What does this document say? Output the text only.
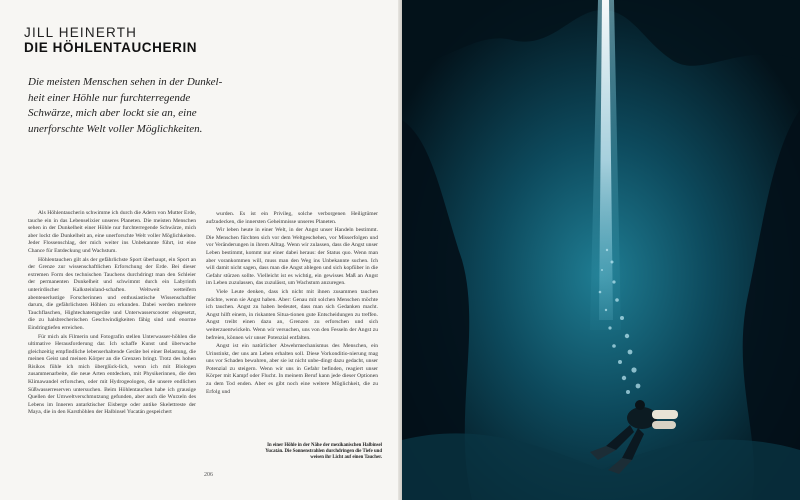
JILL HEINERTH
DIE HÖHLENTAUCHERIN
Die meisten Menschen sehen in der Dunkel-
heit einer Höhle nur furchterregende
Schwärze, mich aber lockt sie an, eine
unerforschte Welt voller Möglichkeiten.

Als Höhlentaucherin schwimme ich durch die Adern von Mutter Erde, tauche ein in das Lebenselixier unseres Planeten. Die meisten Menschen sehen in der Dunkelheit einer Höhle nur furchterregende Schwärze, mich aber lockt die Dunkelheit an, eine unerforschte Welt voller Möglichkeiten. Jeder Flossenschlag, der mich weiter ins Unbekannte führt, ist eine Chance für Entdeckung und Wachstum.

Höhlentauchen gilt als der gefährlichste Sport überhaupt, ein Sport an der Grenze zur wissenschaftlichen Erforschung der Erde. Bei dieser extremen Form des technischen Tauchens durchdringt man den Schleier der permanenten Dunkelheit und schwimmt durch ein Labyrinth unterirdischer Kalksteinland-schaften. Weltweit wetteifern abenteuerlustige Forscherinnen und enthusiastische Wissenschaftler darum, die gefährlichsten Höhlen zu erkunden. Dabei werden mehrere Tauchflaschen, Hightechatemgeräte und Unterwasserscooter eingesetzt, die zu halsbrecherischen Geschwindigkeiten fähig sind und enorme Eindringtiefen erreichen.

Für mich als Filmerin und Fotografin stellen Unterwasser-höhlen die ultimative Herausforderung dar. Ich schaffe Kunst und überwache gleichzeitig empfindliche lebenserhaltende Geräte bei einer Belastung, die meinen Geist und meinen Körper an die Grenzen bringt. Trotz des hohen Risikos fühle ich mich überglück-lich, wenn ich mit Biologen zusammenarbeite, die neue Arten entdecken, mit Physikerinnen, die den Klimawandel erforschen, oder mit Hydrogeologen, die unsere endlichen Süßwasserreserven untersuchen. Beim Höhlentauchen habe ich grausige Quellen der Umweltverschmutzung gefunden, aber auch die Wurzeln des Lebens im Inneren antarktischer Eisberge oder antike Skelettreste der Maya, die in den Karsthöhlen der Halbinsel Yucatán gespeichert

wurden. Es ist ein Privileg, solche verborgenen Heiligtümer aufzudecken, die innersten Geheimnisse unseres Planeten.

Wir leben heute in einer Welt, in der Angst unser Handeln bestimmt. Die Menschen fürchten sich vor dem Weltgeschehen, vor Misserfolgen und vor Veränderungen in ihrem Alltag. Wenn wir zulassen, dass die Angst unser Leben bestimmt, kommt nur einer dabei heraus: der Status quo. Wenn man aber vorankommen will, muss man den Weg ins Unbekannte suchen. Ich will damit nicht sagen, dass man die Angst ablegen und sich kopfüber in die Gefahr stürzen sollte. Vielleicht ist es wichtig, ein gewisses Maß an Angst im Leben zuzulassen, das zuzulässt, um Wachstum anzuregen.

Viele Leute denken, dass ich nicht mit ihnen zusammen tauchen möchte, wenn sie Angst haben. Aber: Genau mit solchen Menschen möchte ich tauchen. Angst zu haben bedeutet, dass man sich Gedanken macht. Angst hilft einem, in riskanten Situa-tionen gute Entscheidungen zu treffen. Angst treibt einen dazu an, Grenzen zu erforschen und sich weiterzuentwickeln. Wenn wir versuchen, uns von den Fesseln der Angst zu befreien, können wir unser Potenzial entfalten.

Angst ist ein natürlicher Abwehrmechanismus des Menschen, ein Urinstinkt, der uns am Leben erhalten soll. Diese Vorkonditio-nierung mag uns vor Schaden bewahren, aber sie ist nicht unbe-dingt dazu gedacht, unser Potenzial zu steigern. Wenn wir uns in Gefahr befinden, reagiert unser Körper mit Kampf oder Flucht. In meinem Beruf kann jede dieser Optionen zu dem Tod enden. Aber es gibt noch eine weitere Möglichkeit, die zu Erfolg und

In einer Höhle in der Nähe der mexikanischen Halbinsel Yucatán. Die Sonnenstrahlen durchdringen die Tiefe und weisen ihr Licht auf einen Taucher.
206
